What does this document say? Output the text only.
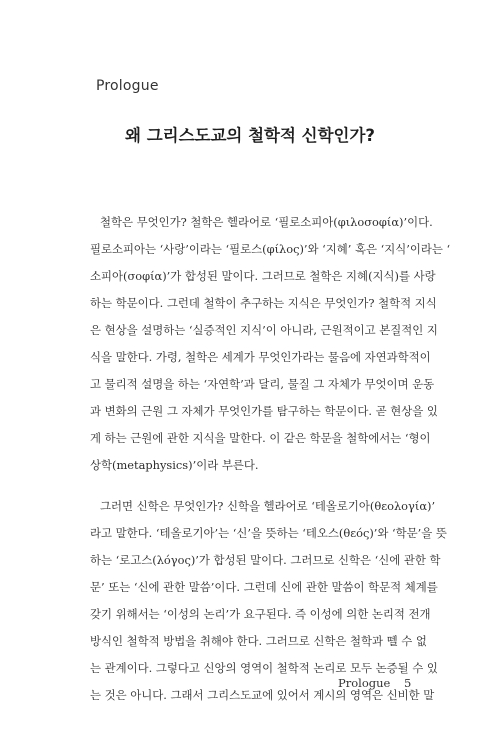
Prologue
왜 그리스도교의 철학적 신학인가?
철학은 무엇인가? 철학은 헬라어로 ‘필로소피아(φιλοσοφία)’이다.
필로소피아는 ‘사랑’이라는 ‘필로스(φίλος)’와 ‘지혜’ 혹은 ‘지식’이라는 ‘
소피아(σοφία)’가 합성된 말이다. 그러므로 철학은 지혜(지식)를 사랑
하는 학문이다. 그런데 철학이 추구하는 지식은 무엇인가? 철학적 지식
은 현상을 설명하는 ‘실증적인 지식’이 아니라, 근원적이고 본질적인 지
식을 말한다. 가령, 철학은 세계가 무엇인가라는 물음에 자연과학적이
고 물리적 설명을 하는 ‘자연학’과 달리, 물질 그 자체가 무엇이며 운동
과 변화의 근원 그 자체가 무엇인가를 탐구하는 학문이다. 곧 현상을 있
게 하는 근원에 관한 지식을 말한다. 이 같은 학문을 철학에서는 ‘형이
상학(metaphysics)’이라 부른다.
그러면 신학은 무엇인가? 신학을 헬라어로 ‘테올로기아(θεολογία)’
라고 말한다. ‘테올로기아’는 ‘신’을 뜻하는 ‘테오스(θεός)’와 ‘학문’을 뜻
하는 ‘로고스(λόγος)’가 합성된 말이다. 그러므로 신학은 ‘신에 관한 학
문’ 또는 ‘신에 관한 말씀’이다. 그런데 신에 관한 말씀이 학문적 체계를
갖기 위해서는 ‘이성의 논리’가 요구된다. 즉 이성에 의한 논리적 전개
방식인 철학적 방법을 취해야 한다. 그러므로 신학은 철학과 뗄 수 없
는 관계이다. 그렇다고 신앙의 영역이 철학적 논리로 모두 논증될 수 있
는 것은 아니다. 그래서 그리스도교에 있어서 계시의 영역은 신비한 말
Prologue 5
